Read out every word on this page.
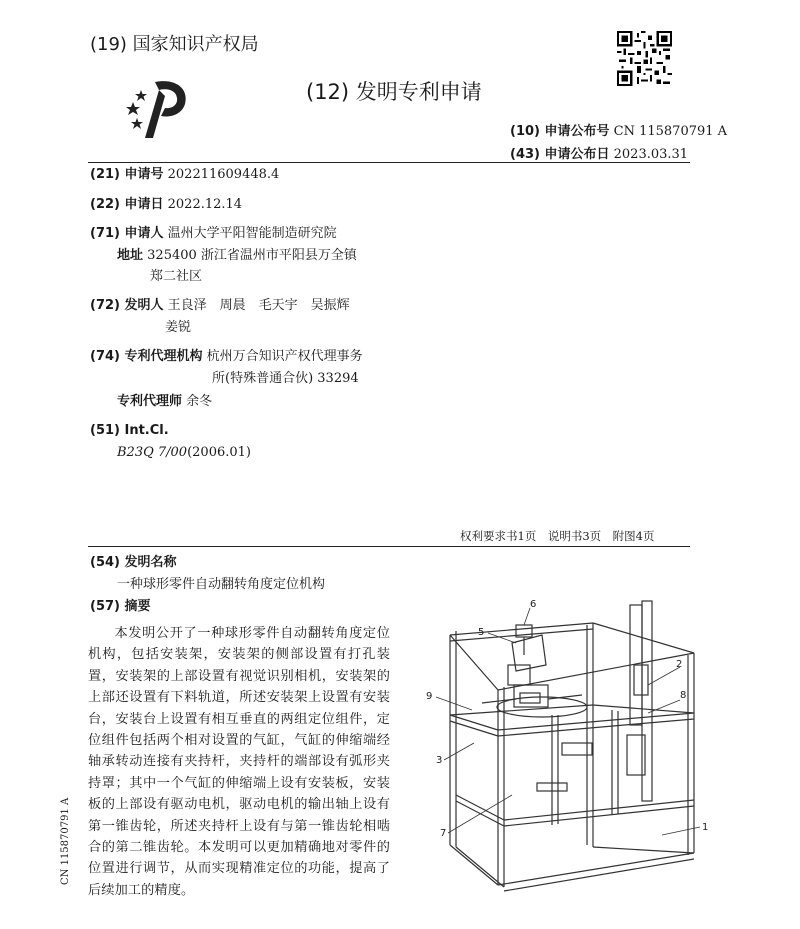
(19) 国家知识产权局
(12) 发明专利申请
(10) 申请公布号 CN 115870791 A
(43) 申请公布日 2023.03.31
(21) 申请号 202211609448.4
(22) 申请日 2022.12.14
(71) 申请人 温州大学平阳智能制造研究院
地址 325400 浙江省温州市平阳县万全镇
郑二社区
(72) 发明人 王良泽　周晨　毛天宇　吴振辉
姜锐
(74) 专利代理机构 杭州万合知识产权代理事务
所(特殊普通合伙) 33294
专利代理师 余冬
(51) Int.Cl.
B23Q 7/00(2006.01)
权利要求书1页　说明书3页　附图4页
(54) 发明名称
一种球形零件自动翻转角度定位机构
(57) 摘要
本发明公开了一种球形零件自动翻转角度定位机构，包括安装架，安装架的侧部设置有打孔装置，安装架的上部设置有视觉识别相机，安装架的上部还设置有下料轨道，所述安装架上设置有安装台，安装台上设置有相互垂直的两组定位组件，定位组件包括两个相对设置的气缸，气缸的伸缩端经轴承转动连接有夹持杆，夹持杆的端部设有弧形夹持罩；其中一个气缸的伸缩端上设有安装板，安装板的上部设有驱动电机，驱动电机的输出轴上设有第一锥齿轮，所述夹持杆上设有与第一锥齿轮相啮合的第二锥齿轮。本发明可以更加精确地对零件的位置进行调节，从而实现精准定位的功能，提高了后续加工的精度。
CN 115870791 A	1
2
3
5
6
7
8
9
